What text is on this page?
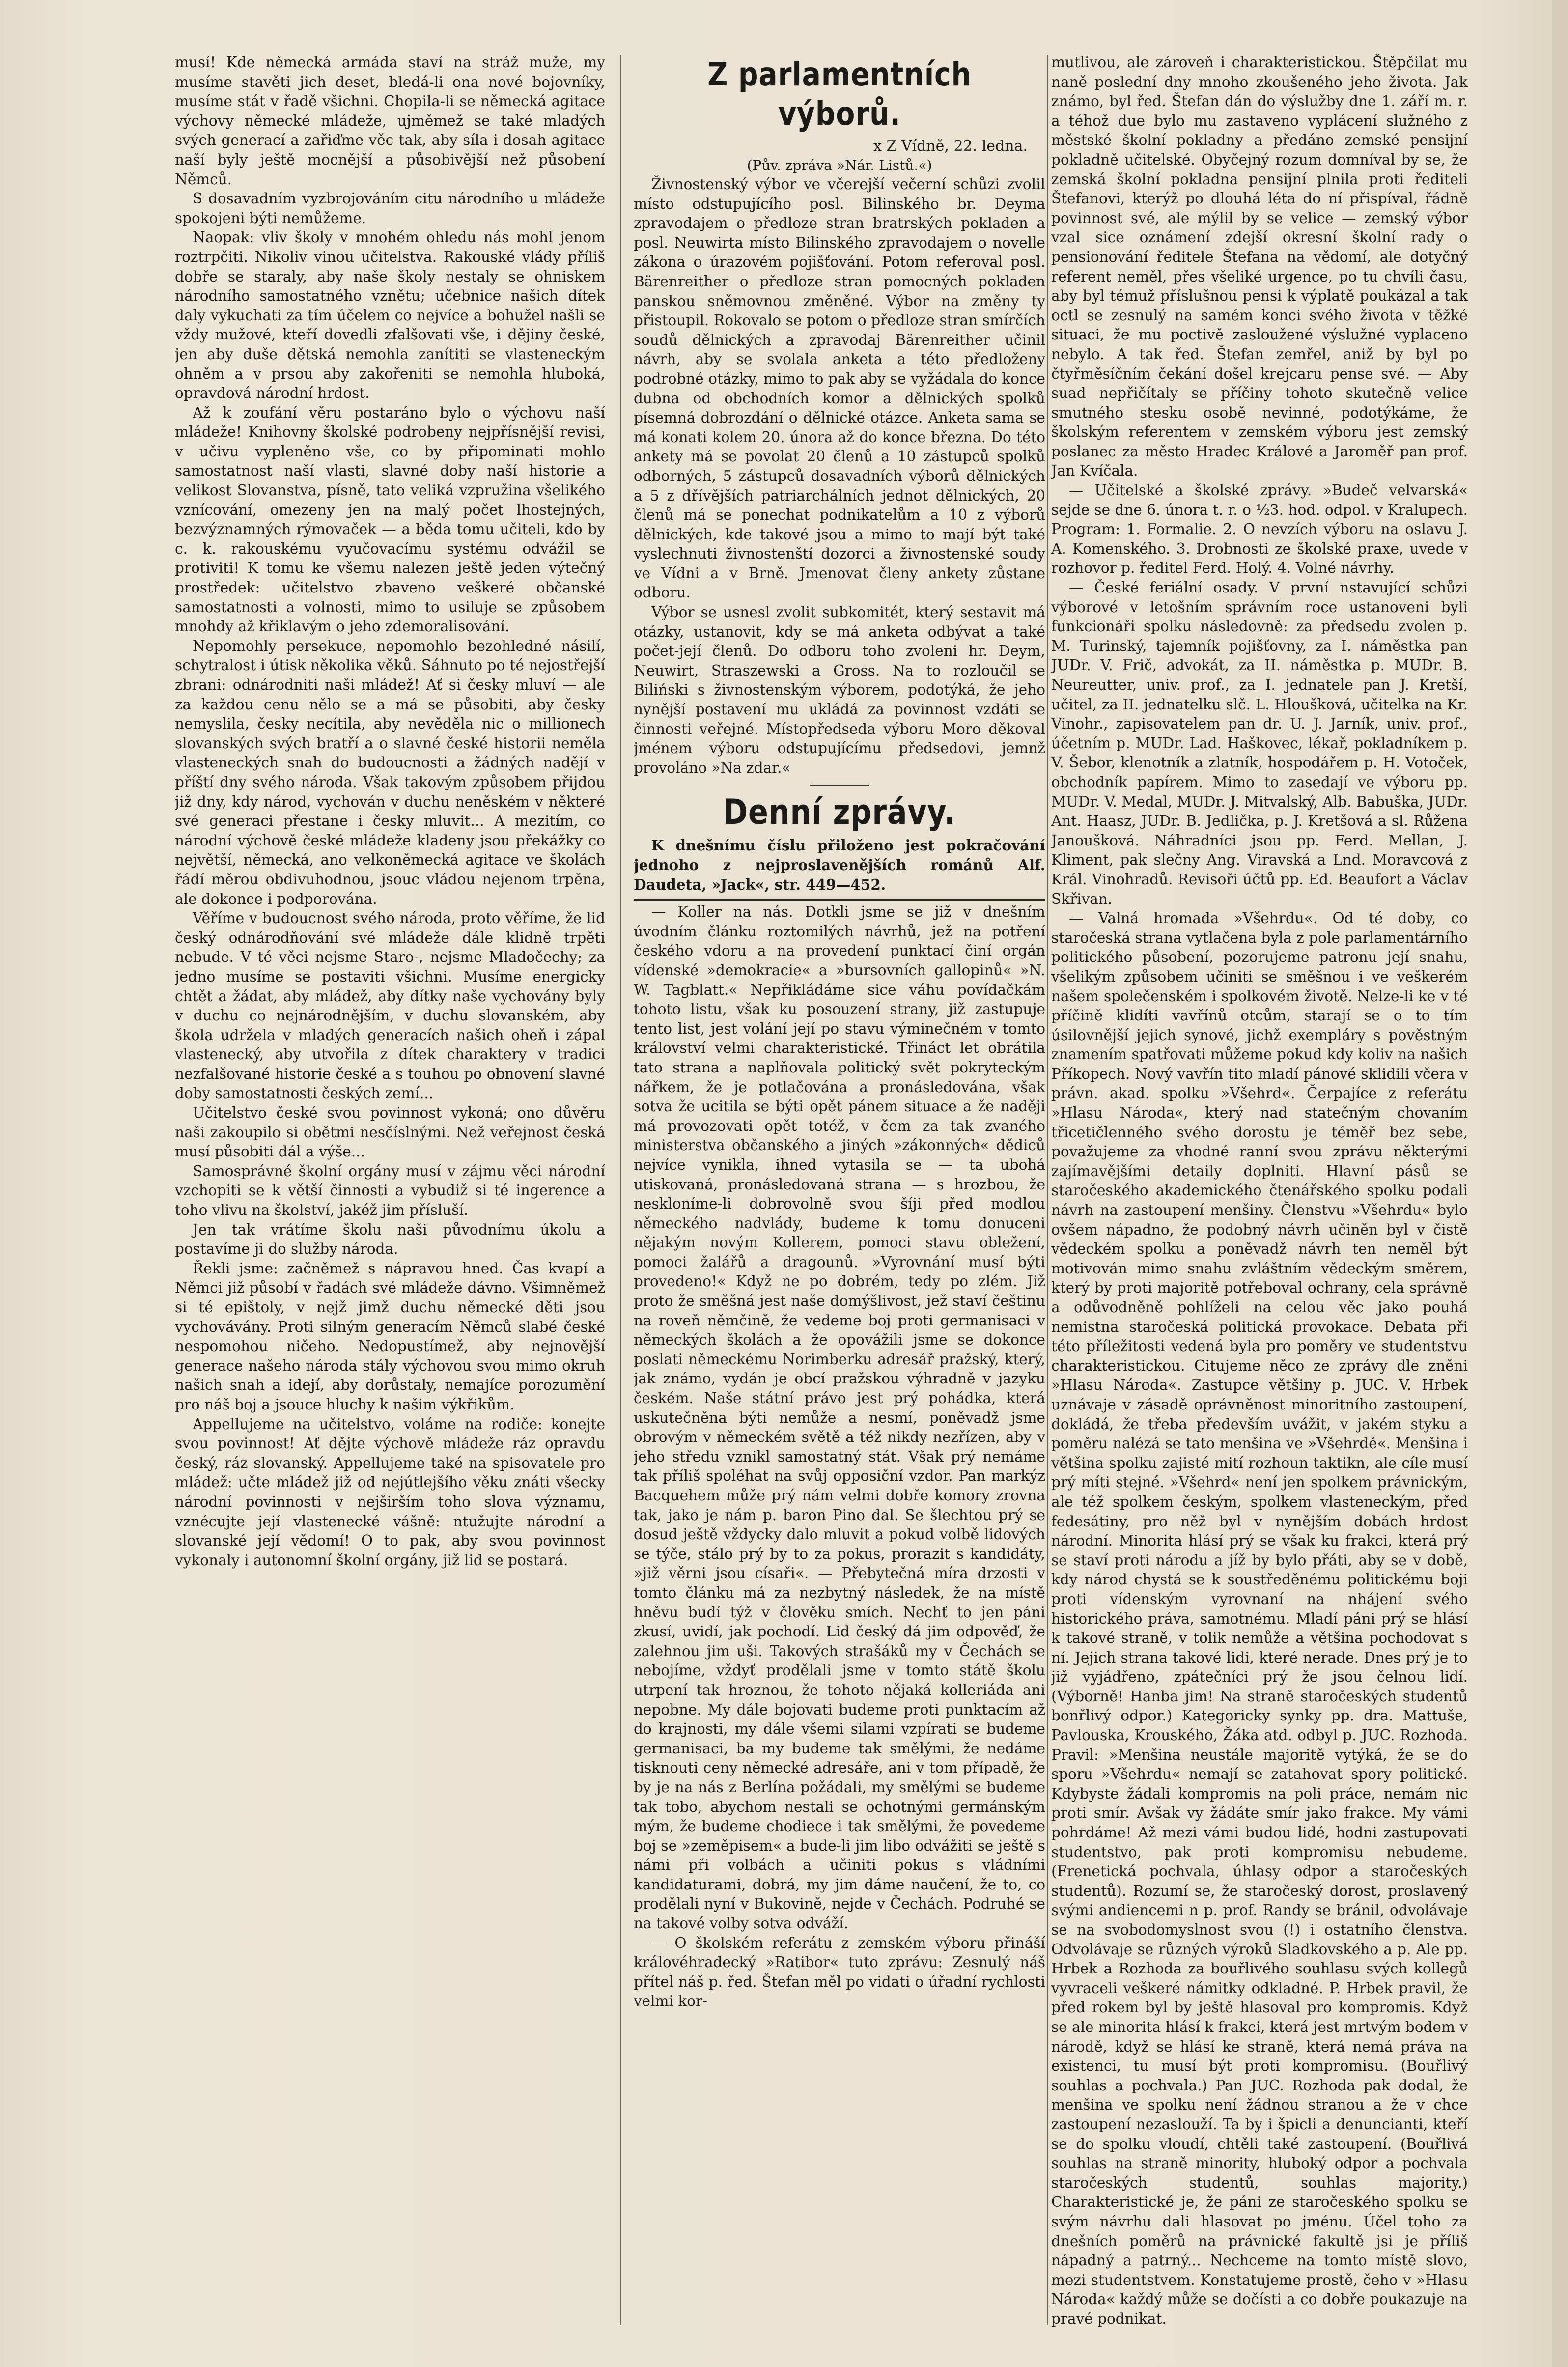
musí! Kde německá armáda staví na stráž muže, my musíme stavěti jich deset, bledá-li ona nové bojovníky, musíme stát v řadě všichni. Chopila-li se německá agitace výchovy německé mládeže, ujměmež se také mladých svých generací a zařiďme věc tak, aby síla i dosah agitace naší byly ještě mocnější a působivější než působení Němců.

S dosavadním vyzbrojováním citu národního u mládeže spokojeni býti nemůžeme.

Naopak: vliv školy v mnohém ohledu nás mohl jenom roztrpčiti. Nikoliv vinou učitelstva. Rakouské vlády příliš dobře se staraly, aby naše školy nestaly se ohniskem národního samostatného vznětu; učebnice našich dítek daly vykuchati za tím účelem co nejvíce a bohužel našli se vždy mužové, kteří dovedli zfalšovati vše, i dějiny české, jen aby duše dětská nemohla zanítiti se vlasteneckým ohněm a v prsou aby zakořeniti se nemohla hluboká, opravdová národní hrdost.

Až k zoufání věru postaráno bylo o výchovu naší mládeže! Knihovny školské podrobeny nejpřísnější revisi, v učivu vypleněno vše, co by připominati mohlo samostatnost naší vlasti, slavné doby naší historie a velikost Slovanstva, písně, tato veliká vzpružina všelikého vznícování, omezeny jen na malý počet lhostejných, bezvýznamných rýmovaček — a běda tomu učiteli, kdo by c. k. rakouskému vyučovacímu systému odvážil se protiviti! K tomu ke všemu nalezen ještě jeden výtečný prostředek: učitelstvo zbaveno veškeré občanské samostatnosti a volnosti, mimo to usiluje se způsobem mnohdy až křiklavým o jeho zdemoralisování.

Nepomohly persekuce, nepomohlo bezohledné násilí, schytralost i útisk několika věků. Sáhnuto po té nejostřejší zbrani: odnárodniti naši mládež! Ať si česky mluví — ale za každou cenu nělo se a má se působiti, aby česky nemyslila, česky necítila, aby nevěděla nic o millionech slovanských svých bratří a o slavné české historii neměla vlasteneckých snah do budoucnosti a žádných nadějí v příští dny svého národa. Však takovým způsobem přijdou již dny, kdy národ, vychován v duchu neněském v některé své generaci přestane i česky mluvit... A mezitím, co národní výchově české mládeže kladeny jsou překážky co největší, německá, ano velkoněmecká agitace ve školách řádí měrou obdivuhodnou, jsouc vládou nejenom trpěna, ale dokonce i podporována.

Věříme v budoucnost svého národa, proto věříme, že lid český odnárodňování své mládeže dále klidně trpěti nebude. V té věci nejsme Staro-, nejsme Mladočechy; za jedno musíme se postaviti všichni. Musíme energicky chtět a žádat, aby mládež, aby dítky naše vychovány byly v duchu co nejnárodnějším, v duchu slovanském, aby škola udržela v mladých generacích našich oheň i zápal vlastenecký, aby utvořila z dítek charaktery v tradici nezfalšované historie české a s touhou po obnovení slavné doby samostatnosti českých zemí...

Učitelstvo české svou povinnost vykoná; ono důvěru naši zakoupilo si obětmi nesčíslnými. Než veřejnost česká musí působiti dál a výše...

Samosprávné školní orgány musí v zájmu věci národní vzchopiti se k větší činnosti a vybudiž si té ingerence a toho vlivu na školství, jakéž jim přísluší.

Jen tak vrátíme školu naši původnímu úkolu a postavíme ji do služby národa.

Řekli jsme: začněmež s nápravou hned. Čas kvapí a Němci již působí v řadách své mládeže dávno. Všimněmež si té epištoly, v nejž jimž duchu německé děti jsou vychovávány. Proti silným generacím Němců slabé české nespomohou ničeho. Nedopustímež, aby nejnovější generace našeho národa stály výchovou svou mimo okruh našich snah a idejí, aby dorůstaly, nemajíce porozumění pro náš boj a jsouce hluchy k našim výkřikům.

Appellujeme na učitelstvo, voláme na rodiče: konejte svou povinnost! Ať dějte výchově mládeže ráz opravdu český, ráz slovanský. Appellujeme také na spisovatele pro mládež: učte mládež již od nejútlejšího věku znáti všecky národní povinnosti v nejširším toho slova významu, vznécujte její vlastenecké vášně: ntužujte národní a slovanské její vědomí! O to pak, aby svou povinnost vykonaly i autonomní školní orgány, již lid se postará.

Z parlamentních výborů.
x Z Vídně, 22. ledna.
(Pův. zpráva »Nár. Listů.«)

Živnostenský výbor ve včerejší večerní schůzi zvolil místo odstupujícího posl. Bilinského br. Deyma zpravodajem o předloze stran bratrských pokladen a posl. Neuwirta místo Bilinského zpravodajem o novelle zákona o úrazovém pojišťování. Potom referoval posl. Bärenreither o předloze stran pomocných pokladen panskou sněmovnou změněné. Výbor na změny ty přistoupil. Rokovalo se potom o předloze stran smírčích soudů dělnických a zpravodaj Bärenreither učinil návrh, aby se svolala anketa a této předloženy podrobné otázky, mimo to pak aby se vyžádala do konce dubna od obchodních komor a dělnických spolků písemná dobrozdání o dělnické otázce. Anketa sama se má konati kolem 20. února až do konce března. Do této ankety má se povolat 20 členů a 10 zástupců spolků odborných, 5 zástupců dosavadních výborů dělnických a 5 z dřívějších patriarchálních jednot dělnických, 20 členů má se ponechat podnikatelům a 10 z výborů dělnických, kde takové jsou a mimo to mají být také vyslechnuti živnostenští dozorci a živnostenské soudy ve Vídni a v Brně. Jmenovat členy ankety zůstane odboru.

Výbor se usnesl zvolit subkomitét, který sestavit má otázky, ustanovit, kdy se má anketa odbývat a také počet-její členů. Do odboru toho zvoleni hr. Deym, Neuwirt, Straszewski a Gross. Na to rozloučil se Biliński s živnostenským výborem, podotýká, že jeho nynější postavení mu ukládá za povinnost vzdáti se činnosti veřejné. Místopředseda výboru Moro děkoval jménem výboru odstupujícímu předsedovi, jemnž provoláno »Na zdar.«

Denní zprávy.

K dnešnímu číslu přiloženo jest pokračování jednoho z nejproslavenějších románů Alf. Daudeta, »Jack«, str. 449—452.

— Koller na nás. Dotkli jsme se již v dnešním úvodním článku roztomilých návrhů, jež na potření českého vdoru a na provedení punktací činí orgán vídenské »demokracie« a »bursovních gallopinů« »N. W. Tagblatt.« Nepřikládáme sice váhu povídačkám tohoto listu, však ku posouzení strany, již zastupuje tento list, jest volání její po stavu výminečném v tomto království velmi charakteristické. Třináct let obrátila tato strana a naplňovala politický svět pokryteckým nářkem, že je potlačována a pronásledována, však sotva že ucitila se býti opět pánem situace a že naději má provozovati opět totéž, v čem za tak zvaného ministerstva občanského a jiných »zákonných« dědiců nejvíce vynikla, ihned vytasila se — ta ubohá utiskovaná, pronásledovaná strana — s hrozbou, že neskloníme-li dobrovolně svou šíji před modlou německého nadvlády, budeme k tomu donuceni nějakým novým Kollerem, pomoci stavu obležení, pomoci žalářů a dragounů. »Vyrovnání musí býti provedeno!« Když ne po dobrém, tedy po zlém. Již proto že směšná jest naše domýšlivost, jež staví češtinu na roveň němčině, že vedeme boj proti germanisaci v německých školách a že opovážili jsme se dokonce poslati německému Norimberku adresář pražský, který, jak známo, vydán je obcí pražskou výhradně v jazyku českém. Naše státní právo jest prý pohádka, která uskutečněna býti nemůže a nesmí, poněvadž jsme obrovým v německém světě a též nikdy nezřízen, aby v jeho středu vznikl samostatný stát. Však prý nemáme tak příliš spoléhat na svůj opposiční vzdor. Pan markýz Bacquehem může prý nám velmi dobře komory zrovna tak, jako je nám p. baron Pino dal. Se šlechtou prý se dosud ještě vždycky dalo mluvit a pokud volbě lidových se týče, stálo prý by to za pokus, prorazit s kandidáty, »již věrni jsou císaři«. — Přebytečná míra drzosti v tomto článku má za nezbytný následek, že na místě hněvu budí týž v člověku smích. Nechť to jen páni zkusí, uvidí, jak pochodí. Lid český dá jim odpověď, že zalehnou jim uši. Takových strašáků my v Čechách se nebojíme, vždyť prodělali jsme v tomto státě školu utrpení tak hroznou, že tohoto nějaká kolleriáda ani nepobne. My dále bojovati budeme proti punktacím až do krajnosti, my dále všemi silami vzpírati se budeme germanisaci, ba my budeme tak smělými, že nedáme tisknouti ceny německé adresáře, ani v tom případě, že by je na nás z Berlína požádali, my smělými se budeme tak tobo, abychom nestali se ochotnými germánským mým, že budeme chodiece i tak smělými, že povedeme boj se »zeměpisem« a bude-li jim libo odvážiti se ještě s námi při volbách a učiniti pokus s vládními kandidaturami, dobrá, my jim dáme naučení, že to, co prodělali nyní v Bukovině, nejde v Čechách. Podruhé se na takové volby sotva odváží.

— O školském referátu z zemském výboru přináší královéhradecký »Ratibor« tuto zprávu: Zesnulý náš přítel náš p. řed. Štefan měl po vidati o úřadní rychlosti velmi kor-

mutlivou, ale zároveň i charakteristickou. Štěpčilat mu naně poslední dny mnoho zkoušeného jeho života. Jak známo, byl řed. Štefan dán do výslužby dne 1. září m. r. a téhož due bylo mu zastaveno vyplácení služného z městské školní pokladny a předáno zemské pensijní pokladně učitelské. Obyčejný rozum domníval by se, že zemská školní pokladna pensijní plnila proti řediteli Štefanovi, kterýž po dlouhá léta do ní přispíval, řádně povinnost své, ale mýlil by se velice — zemský výbor vzal sice oznámení zdejší okresní školní rady o pensionování ředitele Štefana na vědomí, ale dotyčný referent neměl, přes všeliké urgence, po tu chvíli času, aby byl témuž příslušnou pensi k výplatě poukázal a tak octl se zesnulý na samém konci svého života v těžké situaci, že mu poctivě zasloužené výslužné vyplaceno nebylo. A tak řed. Štefan zemřel, aniž by byl po čtyřměsíčním čekání došel krejcaru pense své. — Aby suad nepřičítaly se příčiny tohoto skutečně velice smutného stesku osobě nevinné, podotýkáme, že školským referentem v zemském výboru jest zemský poslanec za město Hradec Králové a Jaroměř pan prof. Jan Kvíčala.

— Učitelské a školské zprávy. »Budeč velvarská« sejde se dne 6. února t. r. o ½3. hod. odpol. v Kralupech. Program: 1. Formalie. 2. O nevzích výboru na oslavu J. A. Komenského. 3. Drobnosti ze školské praxe, uvede v rozhovor p. ředitel Ferd. Holý. 4. Volné návrhy.

— České feriální osady. V první nstavující schůzi výborové v letošním správním roce ustanoveni byli funkcionáři spolku následovně: za předsedu zvolen p. M. Turinský, tajemník pojišťovny, za I. náměstka pan JUDr. V. Frič, advokát, za II. náměstka p. MUDr. B. Neureutter, univ. prof., za I. jednatele pan J. Kretší, učitel, za II. jednatelku slč. L. Hloušková, učitelka na Kr. Vinohr., zapisovatelem pan dr. U. J. Jarník, univ. prof., účetním p. MUDr. Lad. Haškovec, lékař, pokladníkem p. V. Šebor, klenotník a zlatník, hospodářem p. H. Votoček, obchodník papírem. Mimo to zasedají ve výboru pp. MUDr. V. Medal, MUDr. J. Mitvalský, Alb. Babuška, JUDr. Ant. Haasz, JUDr. B. Jedlička, p. J. Kretšová a sl. Růžena Janoušková. Náhradníci jsou pp. Ferd. Mellan, J. Kliment, pak slečny Ang. Viravská a Lnd. Moravcová z Král. Vinohradů. Revisoři účtů pp. Ed. Beaufort a Václav Skřivan.

— Valná hromada »Všehrdu«. Od té doby, co staročeská strana vytlačena byla z pole parlamentárního politického působení, pozorujeme patronu její snahu, všelikým způsobem učiniti se směšnou i ve veškerém našem společenském i spolkovém životě. Nelze-li ke v té příčině klidíti vavřínů otcům, starají se o to tím úsilovnější jejich synové, jichž exempláry s pověstným znamením spatřovati můžeme pokud kdy koliv na našich Příkopech. Nový vavřín tito mladí pánové sklidili včera v právn. akad. spolku »Všehrd«. Čerpajíce z referátu »Hlasu Národa«, který nad statečným chovaním třicetičlenného svého dorostu je téměř bez sebe, považujeme za vhodné ranní svou zprávu některými zajímavějšími detaily doplniti. Hlavní pásů se staročeského akademického čtenářského spolku podali návrh na zastoupení menšiny. Členstvu »Všehrdu« bylo ovšem nápadno, že podobný návrh učiněn byl v čistě vědeckém spolku a poněvadž návrh ten neměl být motivován mimo snahu zvláštním vědeckým směrem, který by proti majoritě potřeboval ochrany, cela správně a odůvodněně pohlíželi na celou věc jako pouhá nemistna staročeská politická provokace. Debata při této příležitosti vedená byla pro poměry ve studentstvu charakteristickou. Citujeme něco ze zprávy dle zněni »Hlasu Národa«. Zastupce většiny p. JUC. V. Hrbek uznávaje v zásadě oprávněnost minoritního zastoupení, dokládá, že třeba především uvážit, v jakém styku a poměru nalézá se tato menšina ve »Všehrdě«. Menšina i většina spolku zajisté mití rozhoun taktikn, ale cíle musí prý míti stejné. »Všehrd« není jen spolkem právnickým, ale též spolkem českým, spolkem vlasteneckým, před fedesátiny, pro něž byl v nynějším dobách hrdost národní. Minorita hlásí prý se však ku frakci, která prý se staví proti národu a jíž by bylo přáti, aby se v době, kdy národ chystá se k soustředěnému politickému boji proti vídenským vyrovnaní na nhájení svého historického práva, samotnému. Mladí páni prý se hlásí k takové straně, v tolik nemůže a většina pochodovat s ní. Jejich strana takové lidi, které nerade. Dnes prý je to již vyjádřeno, zpátečníci prý že jsou čelnou lidí. (Výborně! Hanba jim! Na straně staročeských studentů bonřlivý odpor.) Kategoricky synky pp. dra. Mattuše, Pavlouska, Krouského, Žáka atd. odbyl p. JUC. Rozhoda. Pravil: »Menšina neustále majoritě vytýká, že se do sporu »Všehrdu« nemají se zatahovat spory politické. Kdybyste žádali kompromis na poli práce, nemám nic proti smír. Avšak vy žádáte smír jako frakce. My vámi pohrdáme! Až mezi vámi budou lidé, hodni zastupovati studentstvo, pak proti kompromisu nebudeme. (Frenetická pochvala, úhlasy odpor a staročeských studentů). Rozumí se, že staročeský dorost, proslavený svými andiencemi n p. prof. Randy se bránil, odvolávaje se na svobodomyslnost svou (!) i ostatního členstva. Odvolávaje se různých výroků Sladkovského a p. Ale pp. Hrbek a Rozhoda za bouřlivého souhlasu svých kollegů vyvraceli veškeré námitky odkladné. P. Hrbek pravil, že před rokem byl by ještě hlasoval pro kompromis. Když se ale minorita hlásí k frakci, která jest mrtvým bodem v národě, když se hlásí ke straně, která nemá práva na existenci, tu musí být proti kompromisu. (Bouřlivý souhlas a pochvala.) Pan JUC. Rozhoda pak dodal, že menšina ve spolku není žádnou stranou a že v chce zastoupení nezaslouží. Ta by i špicli a denuncianti, kteří se do spolku vloudí, chtěli také zastoupení. (Bouřlivá souhlas na straně minority, hluboký odpor a pochvala staročeských studentů, souhlas majority.) Charakteristické je, že páni ze staročeského spolku se svým návrhu dali hlasovat po jménu. Účel toho za dnešních poměrů na právnické fakultě jsi je příliš nápadný a patrný... Nechceme na tomto místě slovo, mezi studentstvem. Konstatujeme prostě, čeho v »Hlasu Národa« každý může se dočísti a co dobře poukazuje na pravé podnikat.
